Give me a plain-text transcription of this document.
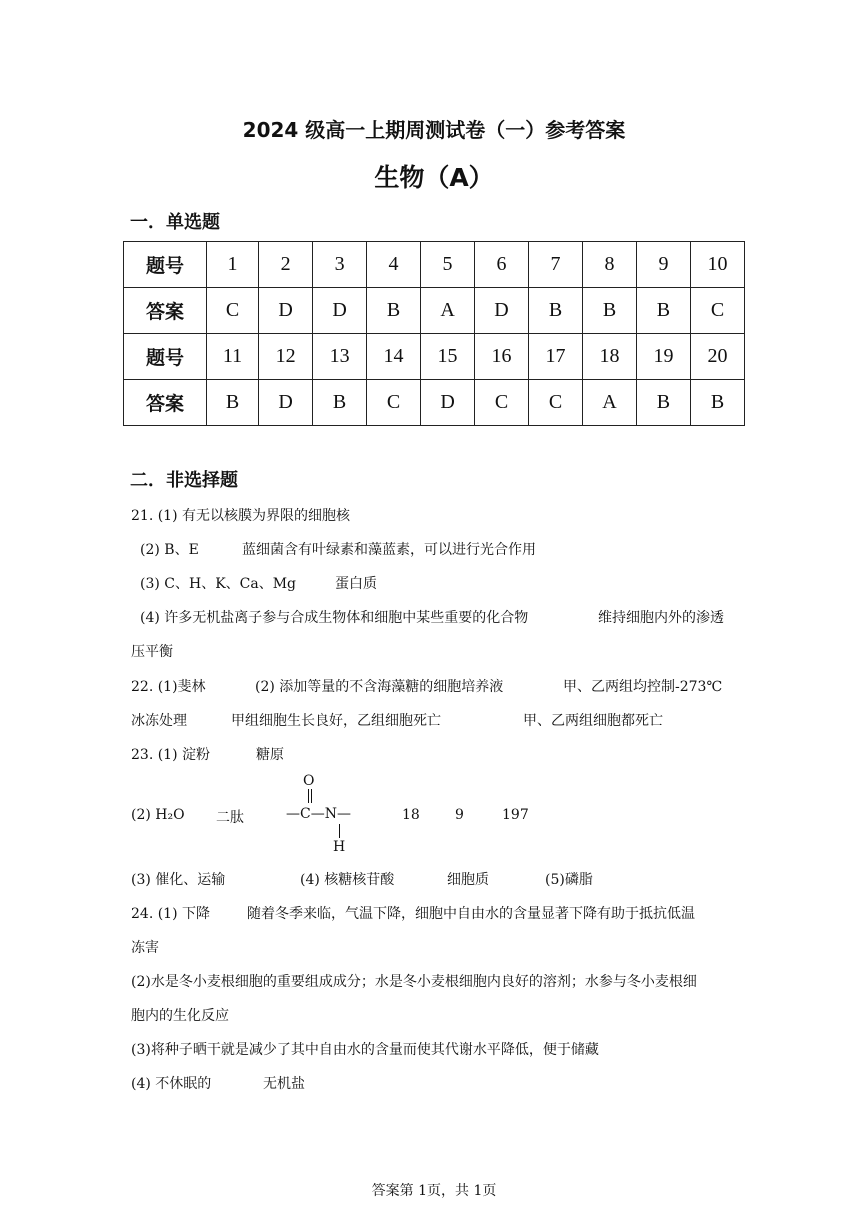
2024 级高一上期周测试卷（一）参考答案
生物（A）
一．单选题
题号	1	2	3	4	5	6	7	8	9	10
答案	C	D	D	B	A	D	B	B	B	C
题号	11	12	13	14	15	16	17	18	19	20
答案	B	D	B	C	D	C	C	A	B	B
二．非选择题
21. (1) 有无以核膜为界限的细胞核
(2) B、E	蓝细菌含有叶绿素和藻蓝素，可以进行光合作用
(3) C、H、K、Ca、Mg	蛋白质
(4) 许多无机盐离子参与合成生物体和细胞中某些重要的化合物	维持细胞内外的渗透
压平衡
22. (1)斐林	(2) 添加等量的不含海藻糖的细胞培养液	甲、乙两组均控制-273℃
冰冻处理	甲组细胞生长良好，乙组细胞死亡	甲、乙两组细胞都死亡
23. (1) 淀粉	糖原
(2) H₂O 二肽
O
—C—N—
H
18	9	197
(3) 催化、运输	(4) 核糖核苷酸	细胞质	(5)磷脂
24. (1) 下降	随着冬季来临，气温下降，细胞中自由水的含量显著下降有助于抵抗低温
冻害
(2)水是冬小麦根细胞的重要组成成分；水是冬小麦根细胞内良好的溶剂；水参与冬小麦根细
胞内的生化反应
(3)将种子晒干就是减少了其中自由水的含量而使其代谢水平降低，便于储藏
(4) 不休眠的	无机盐
答案第 1页，共 1页
